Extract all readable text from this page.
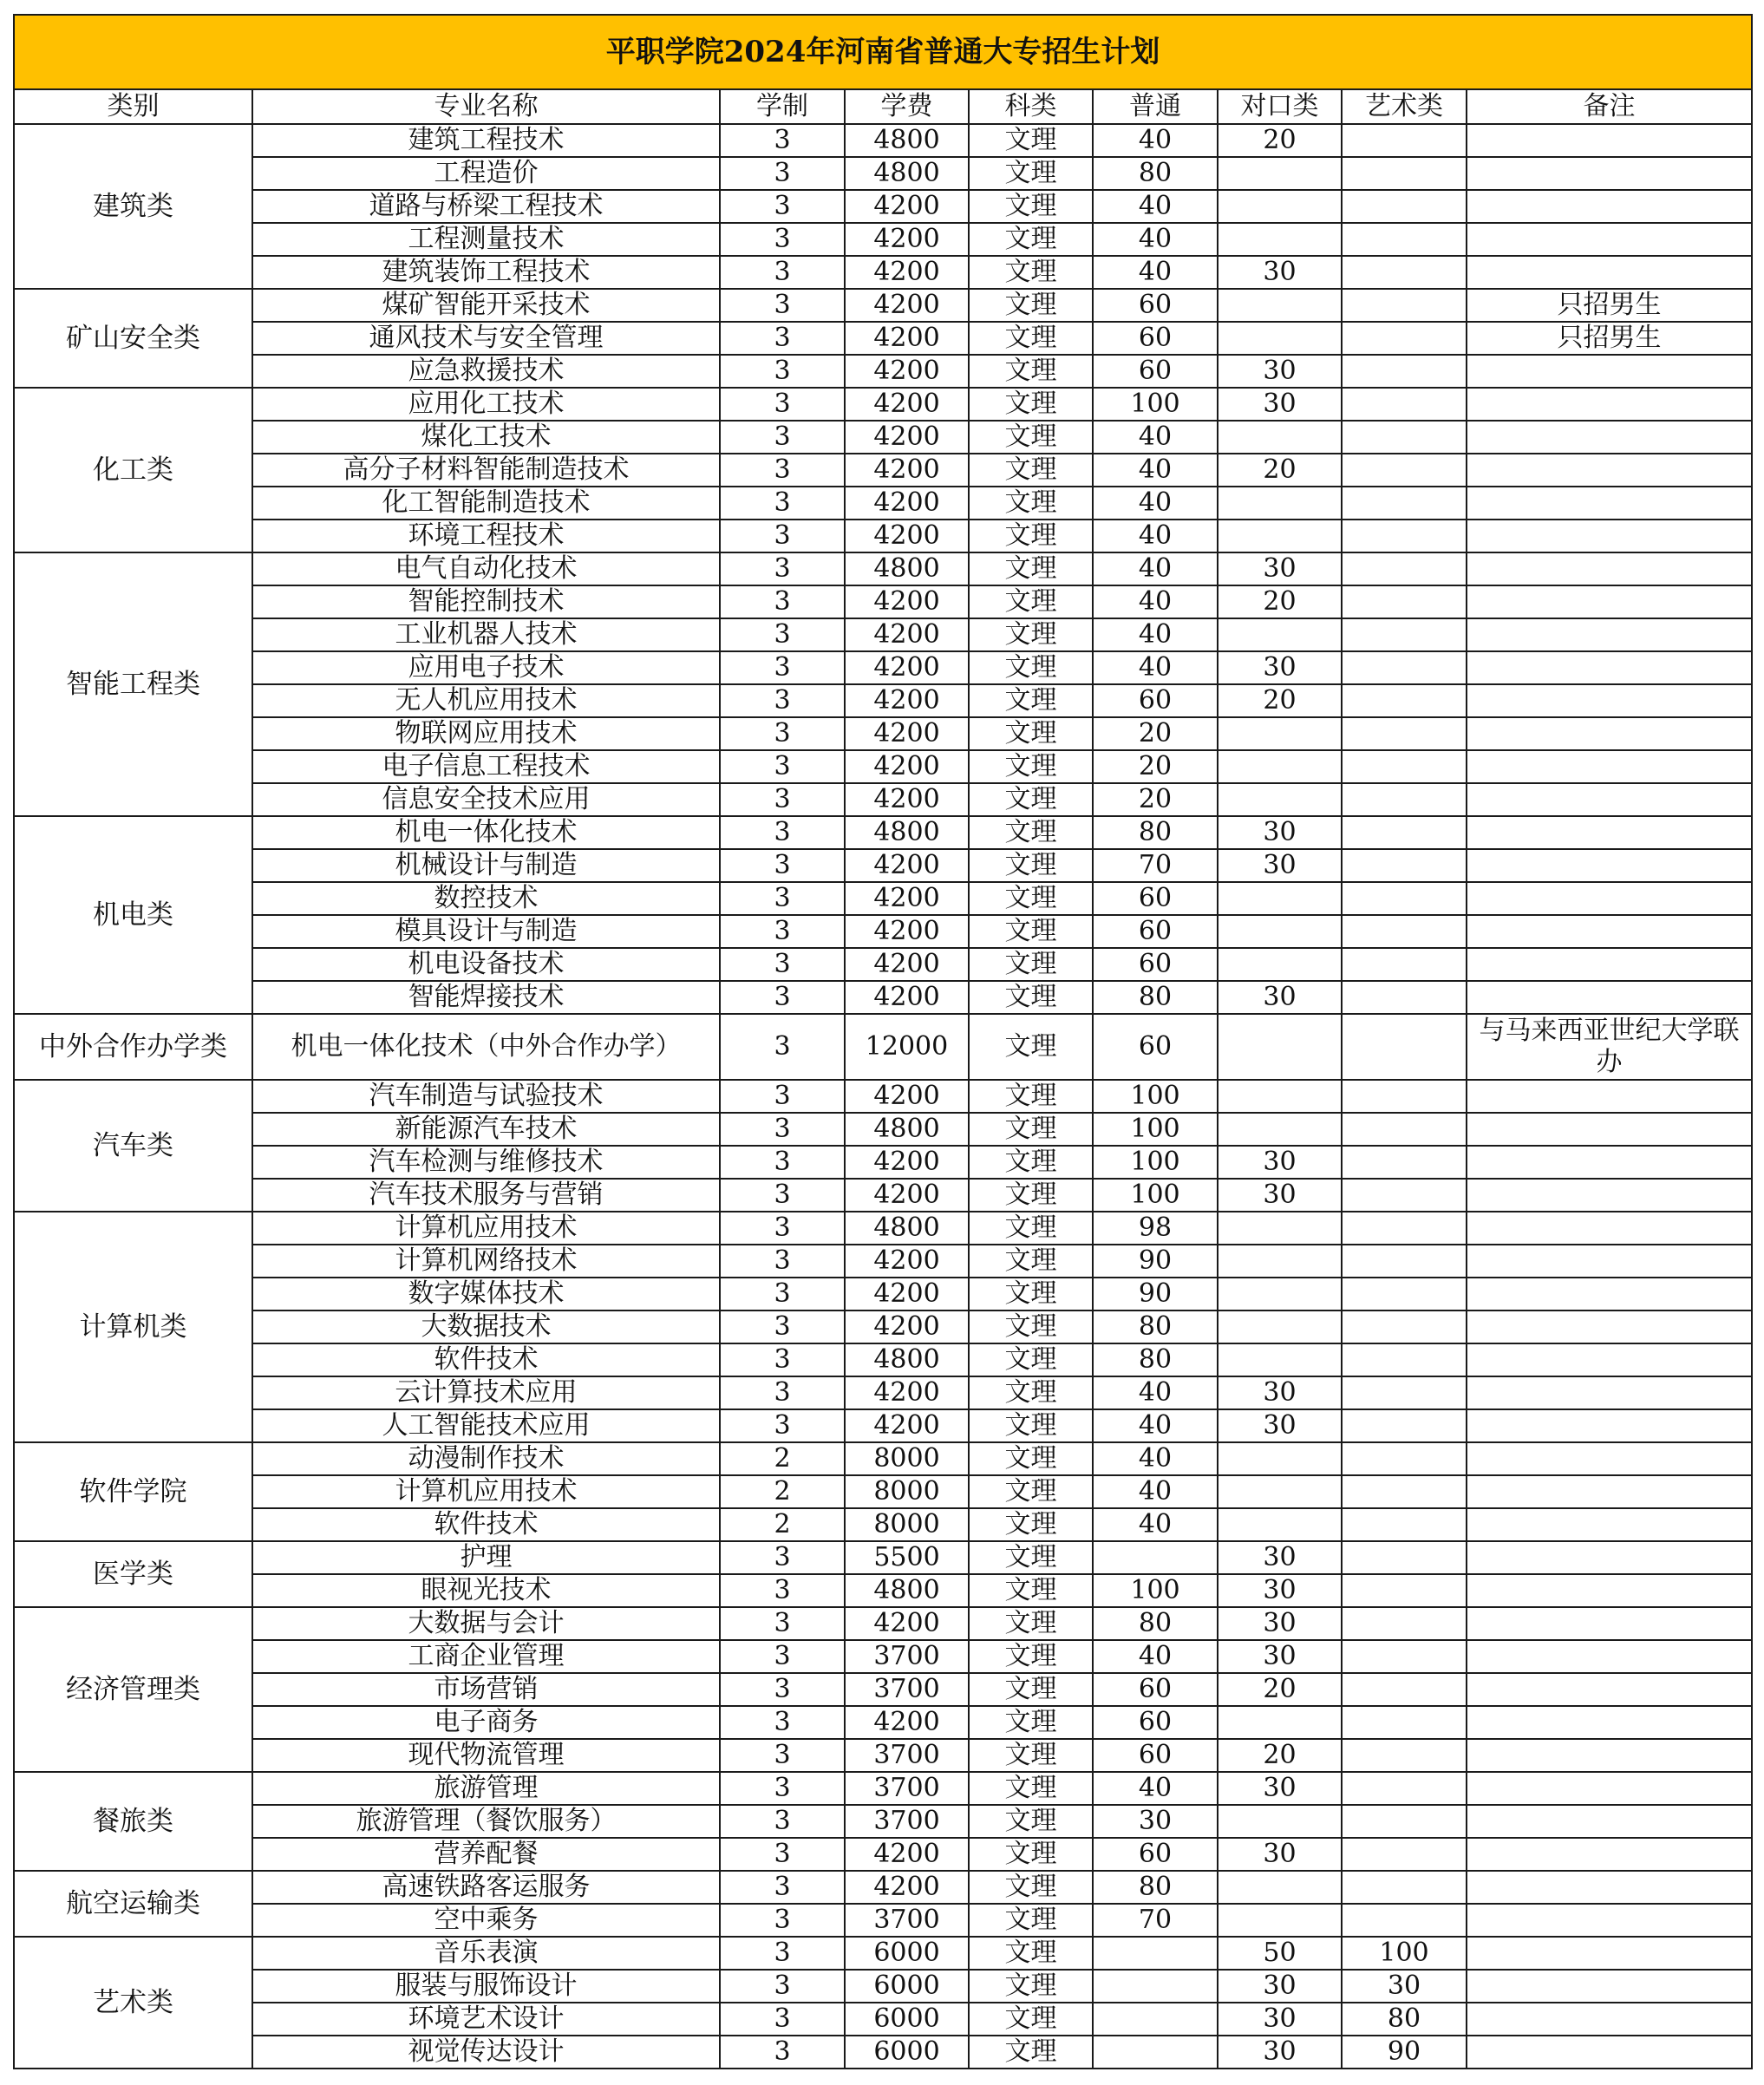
平职学院2024年河南省普通大专招生计划								
类别	专业名称	学制	学费	科类	普通	对口类	艺术类	备注
建筑类	建筑工程技术	3	4800	文理	40	20		
	工程造价	3	4800	文理	80			
	道路与桥梁工程技术	3	4200	文理	40			
	工程测量技术	3	4200	文理	40			
	建筑装饰工程技术	3	4200	文理	40	30		
矿山安全类	煤矿智能开采技术	3	4200	文理	60			只招男生
	通风技术与安全管理	3	4200	文理	60			只招男生
	应急救援技术	3	4200	文理	60	30		
化工类	应用化工技术	3	4200	文理	100	30		
	煤化工技术	3	4200	文理	40			
	高分子材料智能制造技术	3	4200	文理	40	20		
	化工智能制造技术	3	4200	文理	40			
	环境工程技术	3	4200	文理	40			
智能工程类	电气自动化技术	3	4800	文理	40	30		
	智能控制技术	3	4200	文理	40	20		
	工业机器人技术	3	4200	文理	40			
	应用电子技术	3	4200	文理	40	30		
	无人机应用技术	3	4200	文理	60	20		
	物联网应用技术	3	4200	文理	20			
	电子信息工程技术	3	4200	文理	20			
	信息安全技术应用	3	4200	文理	20			
机电类	机电一体化技术	3	4800	文理	80	30		
	机械设计与制造	3	4200	文理	70	30		
	数控技术	3	4200	文理	60			
	模具设计与制造	3	4200	文理	60			
	机电设备技术	3	4200	文理	60			
	智能焊接技术	3	4200	文理	80	30		
中外合作办学类	机电一体化技术（中外合作办学）	3	12000	文理	60			与马来西亚世纪大学联办
汽车类	汽车制造与试验技术	3	4200	文理	100			
	新能源汽车技术	3	4800	文理	100			
	汽车检测与维修技术	3	4200	文理	100	30		
	汽车技术服务与营销	3	4200	文理	100	30		
计算机类	计算机应用技术	3	4800	文理	98			
	计算机网络技术	3	4200	文理	90			
	数字媒体技术	3	4200	文理	90			
	大数据技术	3	4200	文理	80			
	软件技术	3	4800	文理	80			
	云计算技术应用	3	4200	文理	40	30		
	人工智能技术应用	3	4200	文理	40	30		
软件学院	动漫制作技术	2	8000	文理	40			
	计算机应用技术	2	8000	文理	40			
	软件技术	2	8000	文理	40			
医学类	护理	3	5500	文理		30		
	眼视光技术	3	4800	文理	100	30		
经济管理类	大数据与会计	3	4200	文理	80	30		
	工商企业管理	3	3700	文理	40	30		
	市场营销	3	3700	文理	60	20		
	电子商务	3	4200	文理	60			
	现代物流管理	3	3700	文理	60	20		
餐旅类	旅游管理	3	3700	文理	40	30		
	旅游管理（餐饮服务）	3	3700	文理	30			
	营养配餐	3	4200	文理	60	30		
航空运输类	高速铁路客运服务	3	4200	文理	80			
	空中乘务	3	3700	文理	70			
艺术类	音乐表演	3	6000	文理		50	100	
	服装与服饰设计	3	6000	文理		30	30	
	环境艺术设计	3	6000	文理		30	80	
	视觉传达设计	3	6000	文理		30	90	
